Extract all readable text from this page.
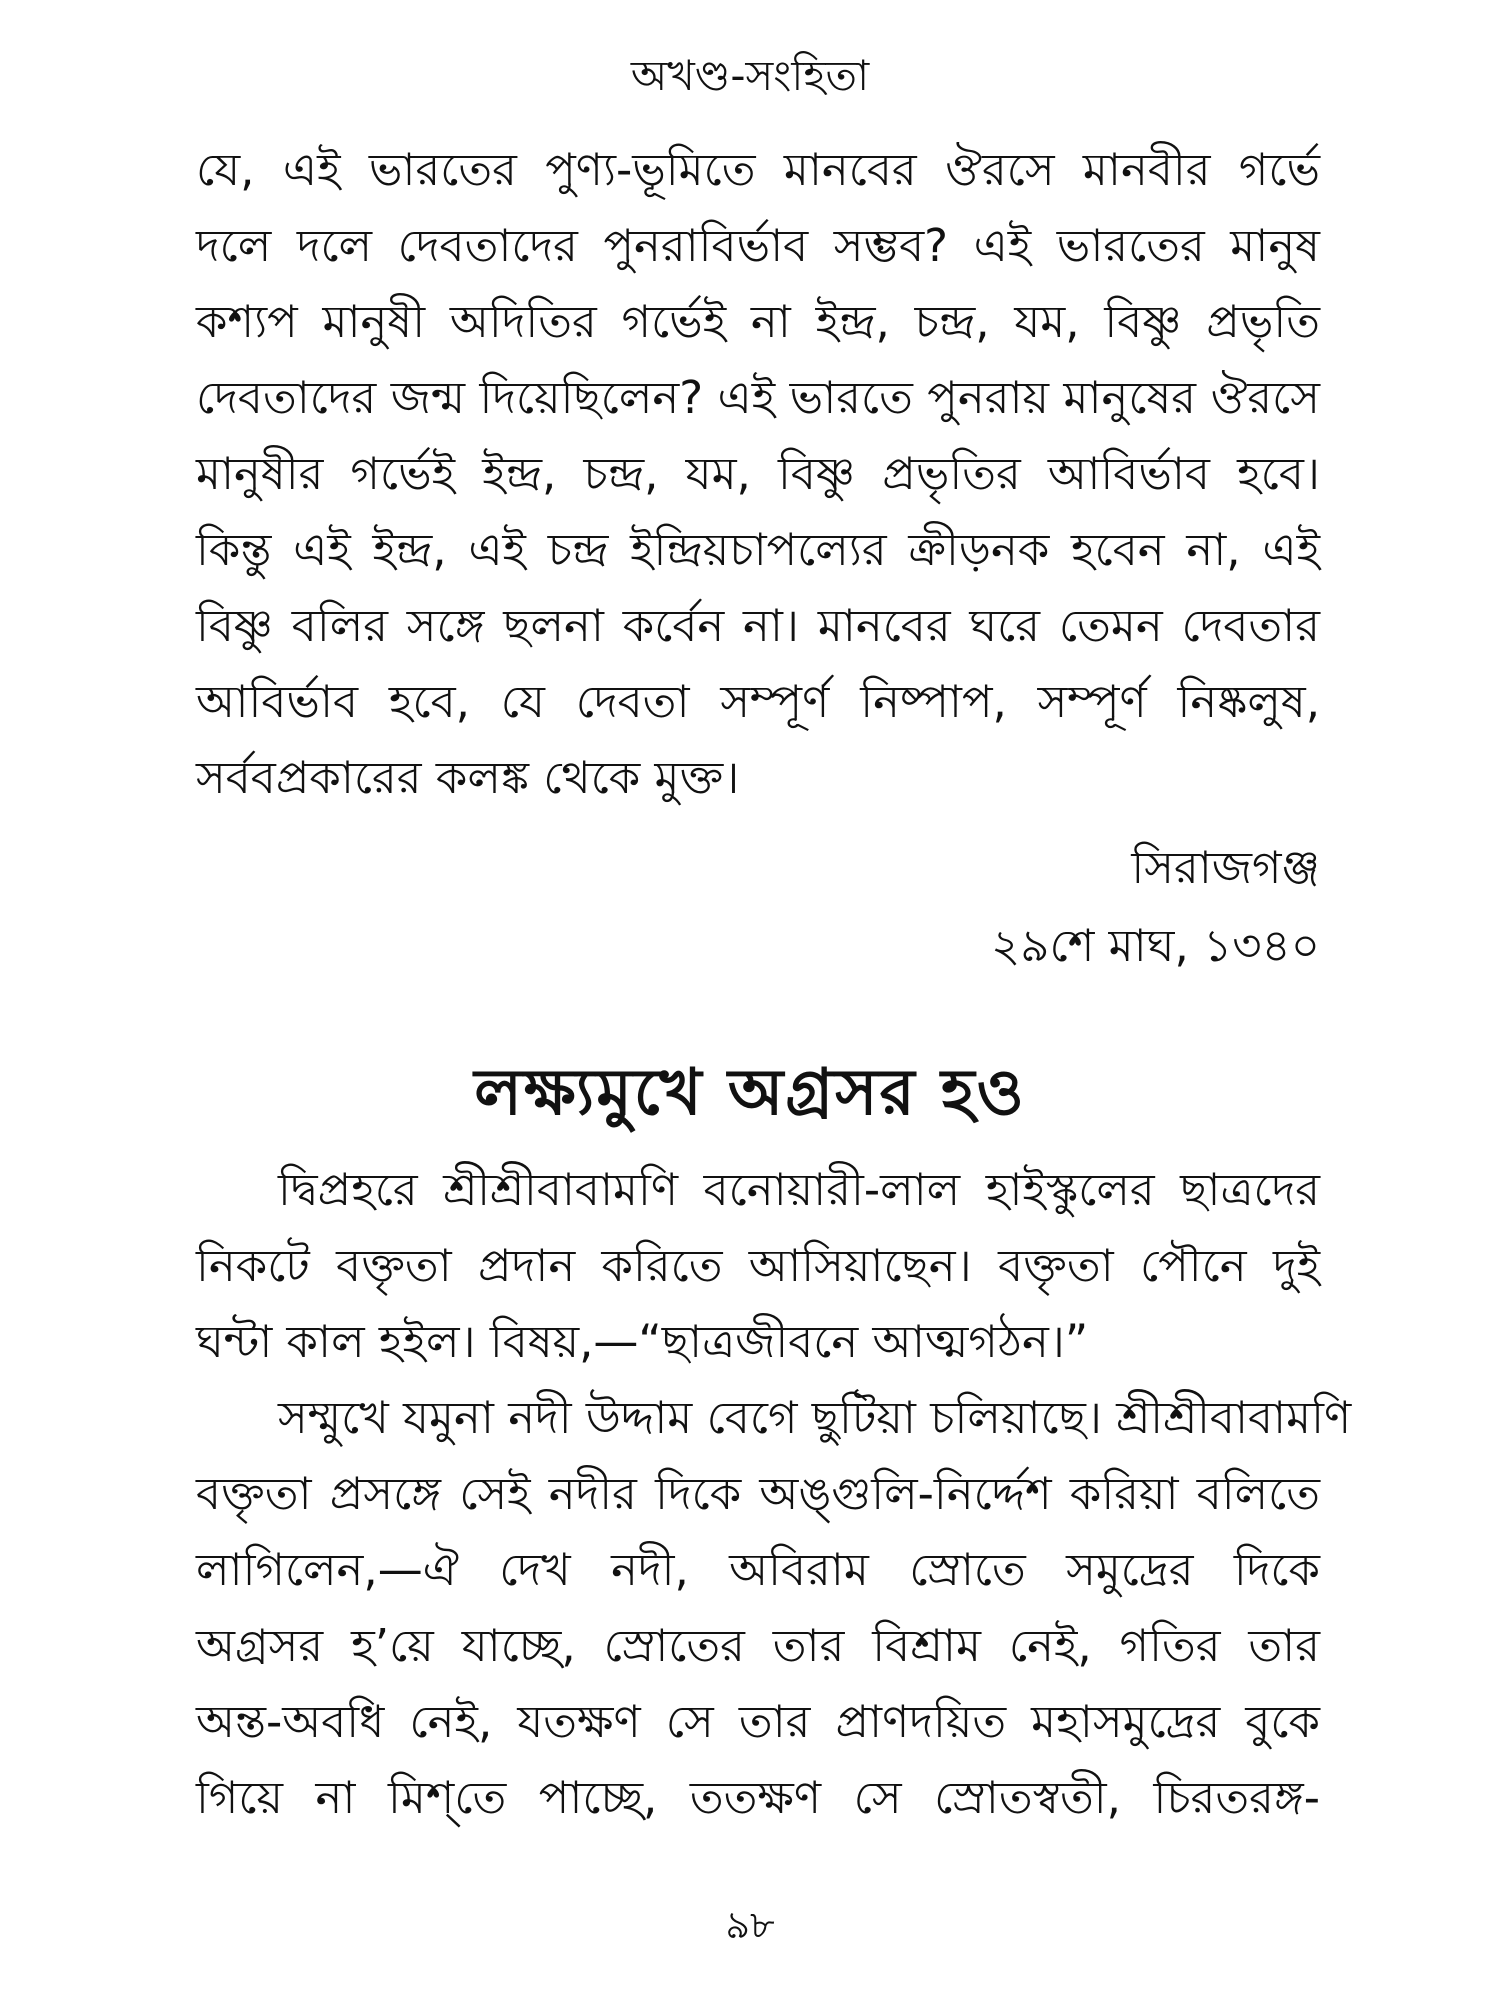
অখণ্ড-সংহিতা
যে, এই ভারতের পুণ্য-ভূমিতে মানবের ঔরসে মানবীর গর্ভে
দলে দলে দেবতাদের পুনরাবির্ভাব সম্ভব? এই ভারতের মানুষ
কশ্যপ মানুষী অদিতির গর্ভেই না ইন্দ্র, চন্দ্র, যম, বিষ্ণু প্রভৃতি
দেবতাদের জন্ম দিয়েছিলেন? এই ভারতে পুনরায় মানুষের ঔরসে
মানুষীর গর্ভেই ইন্দ্র, চন্দ্র, যম, বিষ্ণু প্রভৃতির আবির্ভাব হবে।
কিন্তু এই ইন্দ্র, এই চন্দ্র ইন্দ্রিয়চাপল্যের ক্রীড়নক হবেন না, এই
বিষ্ণু বলির সঙ্গে ছলনা কর্বেন না। মানবের ঘরে তেমন দেবতার
আবির্ভাব হবে, যে দেবতা সম্পূর্ণ নিষ্পাপ, সম্পূর্ণ নিষ্কলুষ,
সর্ববপ্রকারের কলঙ্ক থেকে মুক্ত।
সিরাজগঞ্জ
২৯শে মাঘ, ১৩৪০
লক্ষ্যমুখে অগ্রসর হও
দ্বিপ্রহরে শ্রীশ্রীবাবামণি বনোয়ারী-লাল হাইস্কুলের ছাত্রদের
নিকটে বক্তৃতা প্রদান করিতে আসিয়াছেন। বক্তৃতা পৌনে দুই
ঘন্টা কাল হইল। বিষয়,—“ছাত্রজীবনে আত্মগঠন।”
সম্মুখে যমুনা নদী উদ্দাম বেগে ছুটিয়া চলিয়াছে। শ্রীশ্রীবাবামণি
বক্তৃতা প্রসঙ্গে সেই নদীর দিকে অঙ্গুলি-নির্দ্দেশ করিয়া বলিতে
লাগিলেন,—ঐ দেখ নদী, অবিরাম স্রোতে সমুদ্রের দিকে
অগ্রসর হ’য়ে যাচ্ছে, স্রোতের তার বিশ্রাম নেই, গতির তার
অন্ত-অবধি নেই, যতক্ষণ সে তার প্রাণদয়িত মহাসমুদ্রের বুকে
গিয়ে না মিশ্‌তে পাচ্ছে, ততক্ষণ সে স্রোতস্বতী, চিরতরঙ্গ-
৯৮
